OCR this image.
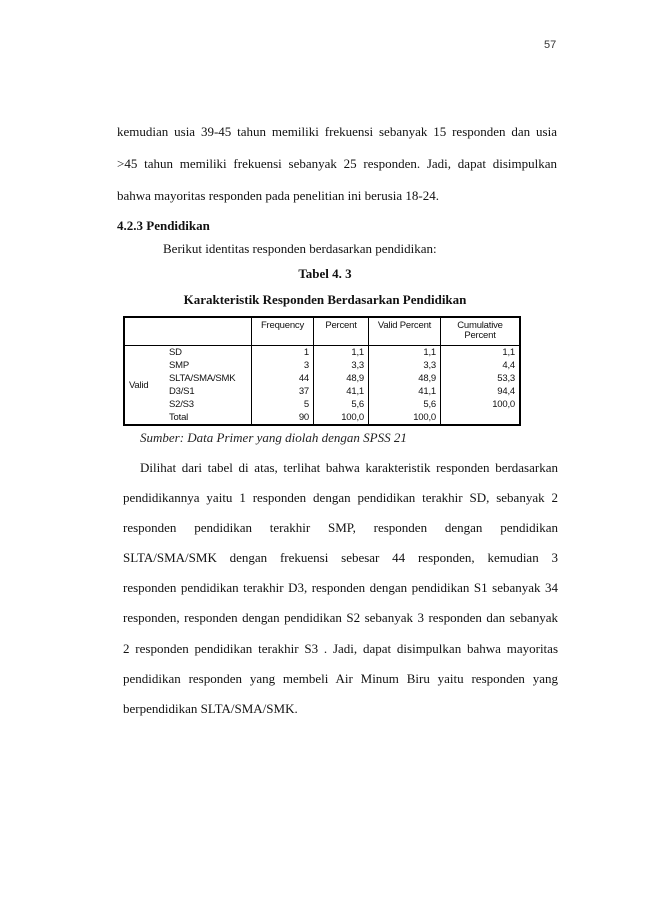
57
kemudian usia 39-45 tahun memiliki frekuensi sebanyak 15 responden dan usia
>45 tahun memiliki frekuensi sebanyak 25 responden. Jadi, dapat disimpulkan
bahwa mayoritas responden pada penelitian ini berusia 18-24.
4.2.3 Pendidikan
Berikut identitas responden berdasarkan pendidikan:
Tabel 4. 3
Karakteristik Responden Berdasarkan Pendidikan
		Frequency	Percent	Valid Percent	Cumulative Percent
Valid	SD	1	1,1	1,1	1,1
	SMP	3	3,3	3,3	4,4
	SLTA/SMA/SMK	44	48,9	48,9	53,3
	D3/S1	37	41,1	41,1	94,4
	S2/S3	5	5,6	5,6	100,0
	Total	90	100,0	100,0	
Sumber: Data Primer yang diolah dengan SPSS 21
Dilihat dari tabel di atas, terlihat bahwa karakteristik responden berdasarkan
pendidikannya yaitu 1 responden dengan pendidikan terakhir SD, sebanyak 2
responden pendidikan terakhir SMP, responden dengan pendidikan
SLTA/SMA/SMK dengan frekuensi sebesar 44 responden, kemudian 3
responden pendidikan terakhir D3, responden dengan pendidikan S1 sebanyak 34
responden, responden dengan pendidikan S2 sebanyak 3 responden dan sebanyak
2 responden pendidikan terakhir S3 . Jadi, dapat disimpulkan bahwa mayoritas
pendidikan responden yang membeli Air Minum Biru yaitu responden yang
berpendidikan SLTA/SMA/SMK.
